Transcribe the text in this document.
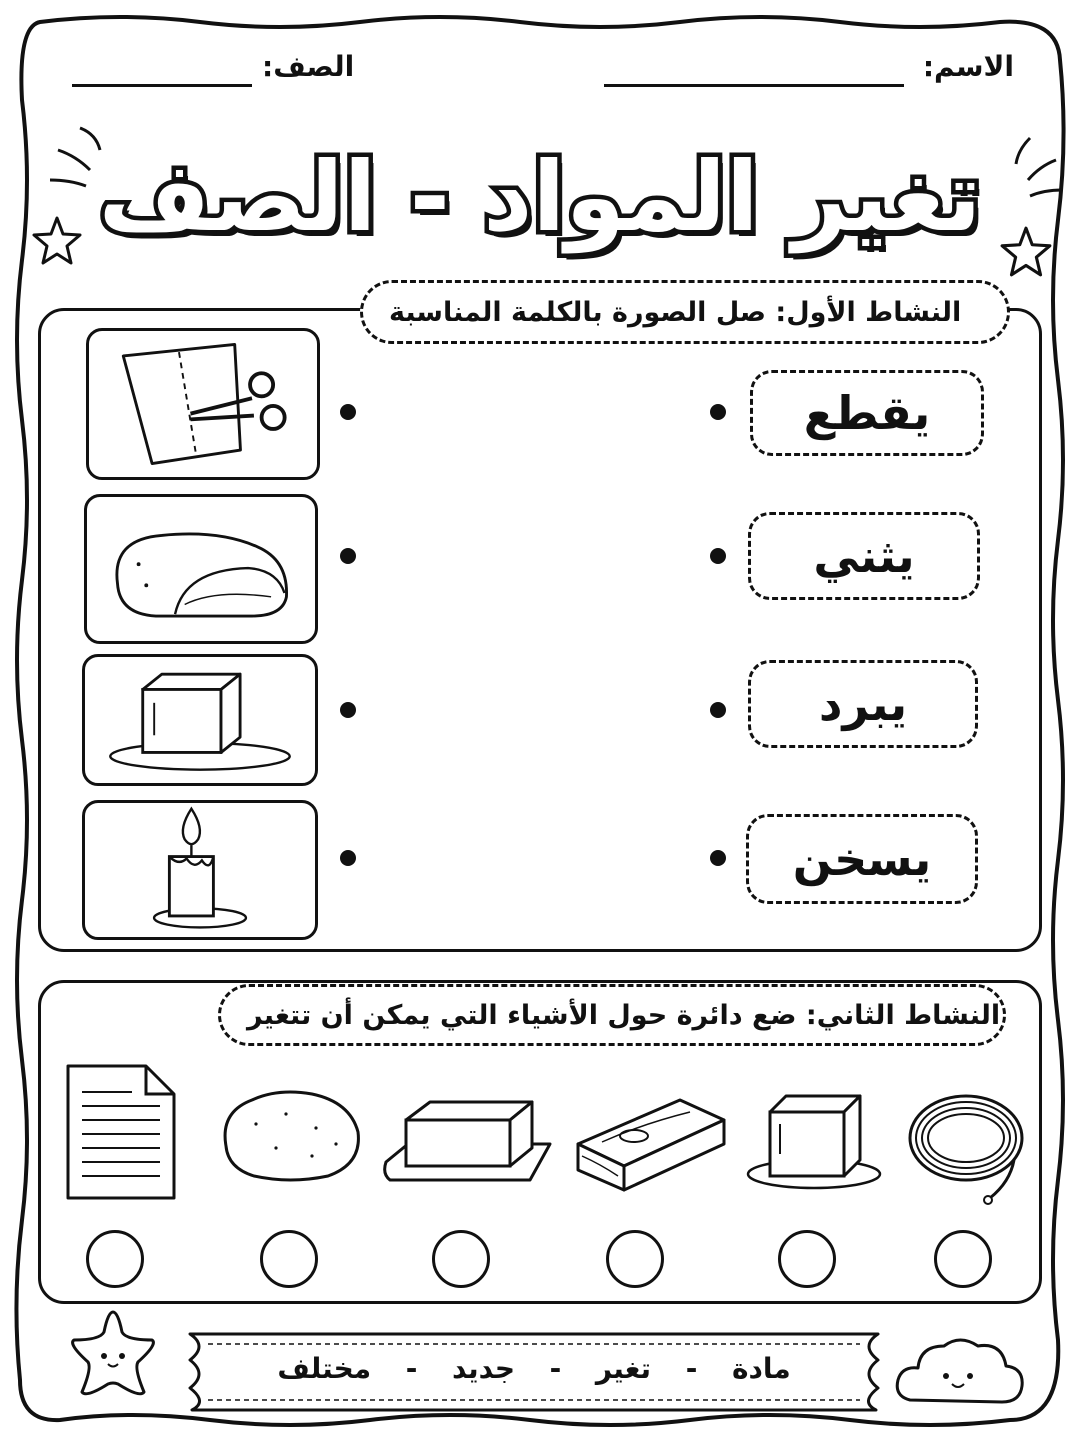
الاسم:
الصف:
تغير المواد - الصف
النشاط الأول: صل الصورة بالكلمة المناسبة
يقطع
يثني
يبرد
يسخن
النشاط الثاني: ضع دائرة حول الأشياء التي يمكن أن تتغير
مادة
-
تغير
-
جديد
-
مختلف
